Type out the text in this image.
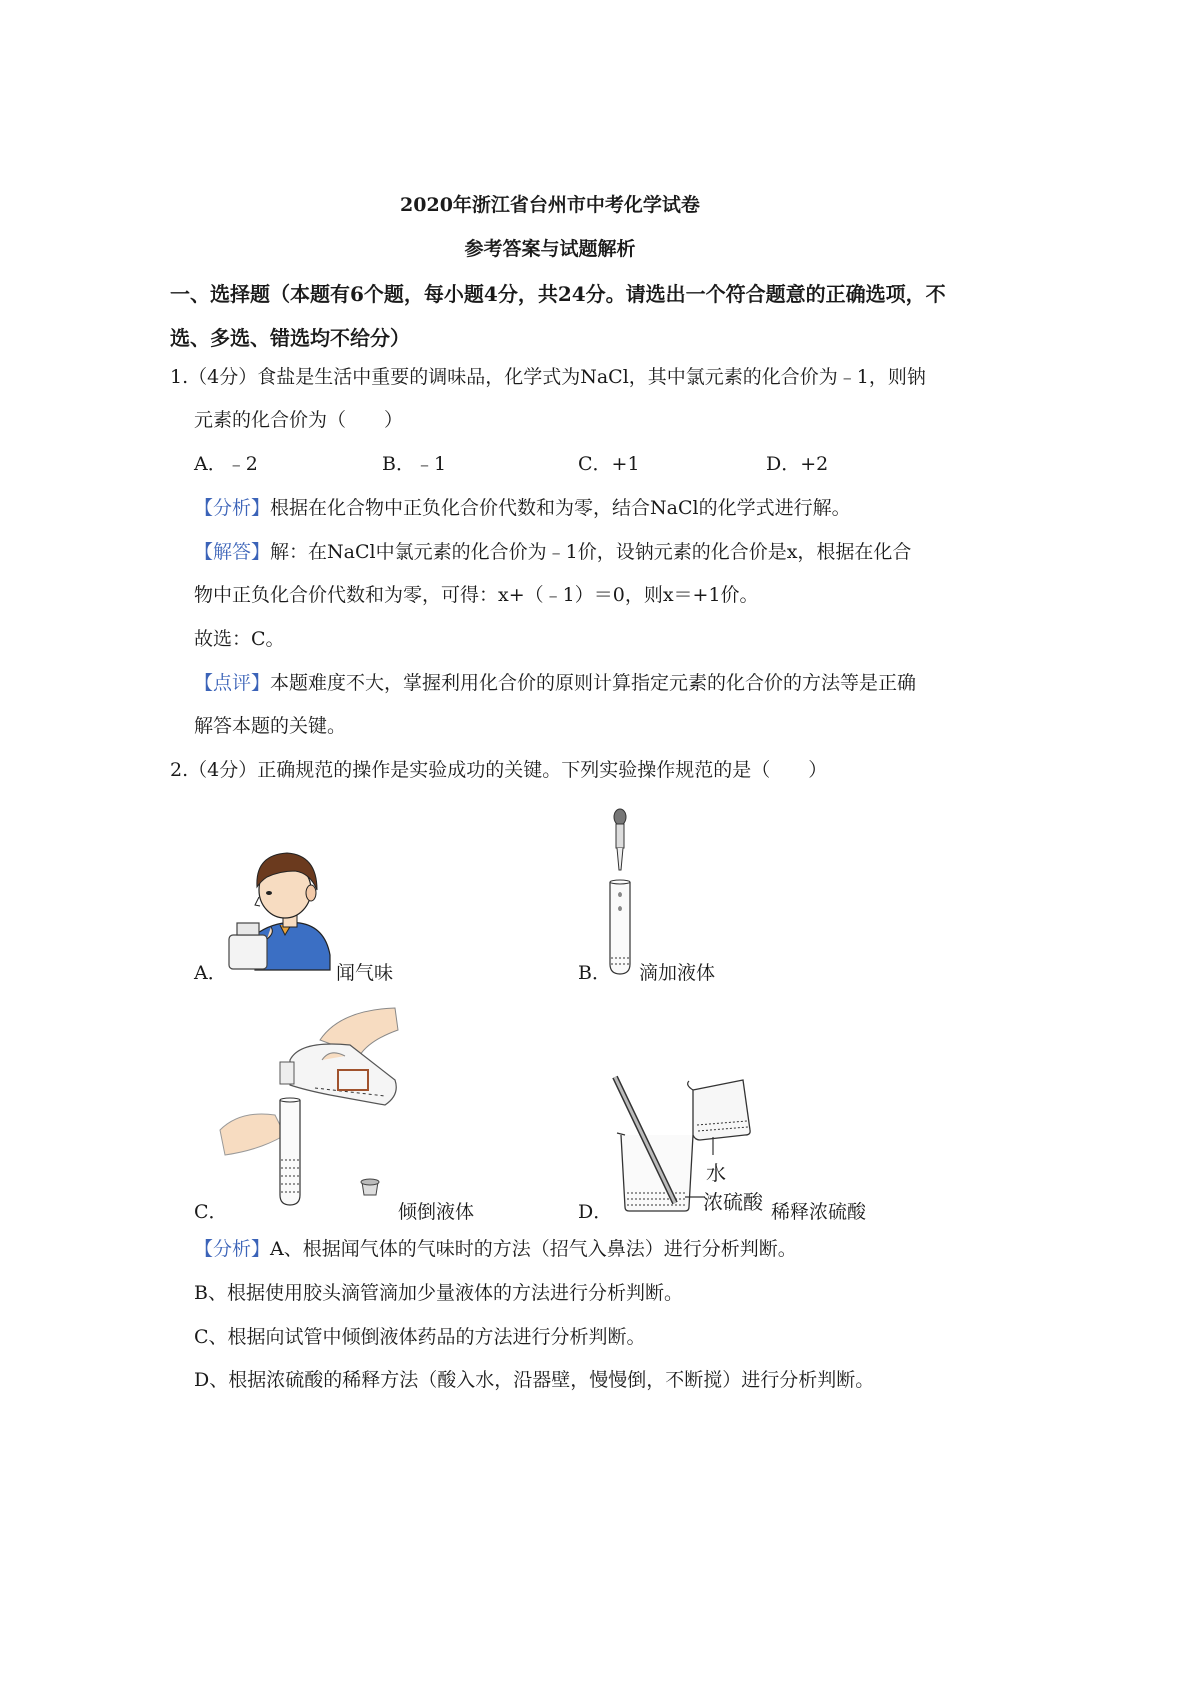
2020年浙江省台州市中考化学试卷
参考答案与试题解析
一、选择题（本题有6个题，每小题4分，共24分。请选出一个符合题意的正确选项，不
选、多选、错选均不给分）
1.（4分）食盐是生活中重要的调味品，化学式为NaCl，其中氯元素的化合价为﹣1，则钠
元素的化合价为（　　）
A．﹣2	B．﹣1	C．+1	D．+2
【分析】根据在化合物中正负化合价代数和为零，结合NaCl的化学式进行解。
【解答】解：在NaCl中氯元素的化合价为﹣1价，设钠元素的化合价是x，根据在化合
物中正负化合价代数和为零，可得：x+（﹣1）＝0，则x＝+1价。
故选：C。
【点评】本题难度不大，掌握利用化合价的原则计算指定元素的化合价的方法等是正确
解答本题的关键。
2.（4分）正确规范的操作是实验成功的关键。下列实验操作规范的是（　　）
A．	闻气味	B． 滴加液体
C．	倾倒液体
水
浓硫酸
D．	稀释浓硫酸
【分析】A、根据闻气体的气味时的方法（招气入鼻法）进行分析判断。
B、根据使用胶头滴管滴加少量液体的方法进行分析判断。
C、根据向试管中倾倒液体药品的方法进行分析判断。
D、根据浓硫酸的稀释方法（酸入水，沿器壁，慢慢倒，不断搅）进行分析判断。
